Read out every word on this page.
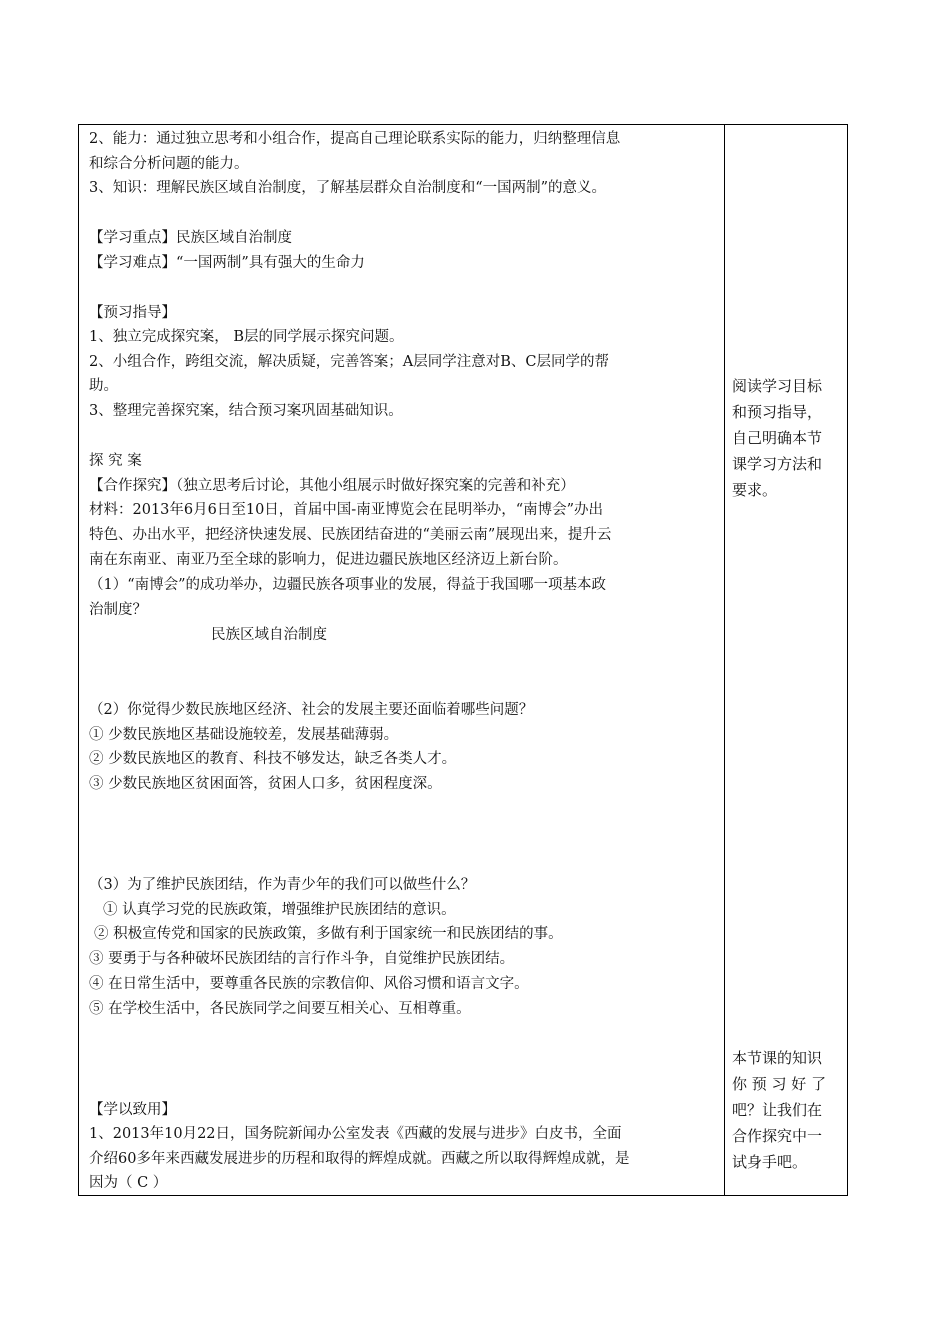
2、能力：通过独立思考和小组合作，提高自己理论联系实际的能力，归纳整理信息
和综合分析问题的能力。
3、知识：理解民族区域自治制度，了解基层群众自治制度和“一国两制”的意义。
【学习重点】民族区域自治制度
【学习难点】“一国两制”具有强大的生命力
【预习指导】
1、独立完成探究案， B层的同学展示探究问题。
2、小组合作，跨组交流，解决质疑，完善答案；A层同学注意对B、C层同学的帮
助。
3、整理完善探究案，结合预习案巩固基础知识。
探 究 案
【合作探究】（独立思考后讨论，其他小组展示时做好探究案的完善和补充）
材料：2013年6月6日至10日，首届中国-南亚博览会在昆明举办，“南博会”办出
特色、办出水平，把经济快速发展、民族团结奋进的“美丽云南”展现出来，提升云
南在东南亚、南亚乃至全球的影响力，促进边疆民族地区经济迈上新台阶。
（1）“南博会”的成功举办，边疆民族各项事业的发展，得益于我国哪一项基本政
治制度？
民族区域自治制度
（2）你觉得少数民族地区经济、社会的发展主要还面临着哪些问题？
① 少数民族地区基础设施较差，发展基础薄弱。
② 少数民族地区的教育、科技不够发达，缺乏各类人才。
③ 少数民族地区贫困面答，贫困人口多，贫困程度深。
（3）为了维护民族团结，作为青少年的我们可以做些什么？
① 认真学习党的民族政策，增强维护民族团结的意识。
② 积极宣传党和国家的民族政策，多做有利于国家统一和民族团结的事。
③ 要勇于与各种破坏民族团结的言行作斗争，自觉维护民族团结。
④ 在日常生活中，要尊重各民族的宗教信仰、风俗习惯和语言文字。
⑤ 在学校生活中，各民族同学之间要互相关心、互相尊重。
【学以致用】
1、2013年10月22日，国务院新闻办公室发表《西藏的发展与进步》白皮书，全面
介绍60多年来西藏发展进步的历程和取得的辉煌成就。西藏之所以取得辉煌成就，是
因为（ C ）
阅读学习目标
和预习指导，
自己明确本节
课学习方法和
要求。
本节课的知识
你 预 习 好 了
吧？让我们在
合作探究中一
试身手吧。
